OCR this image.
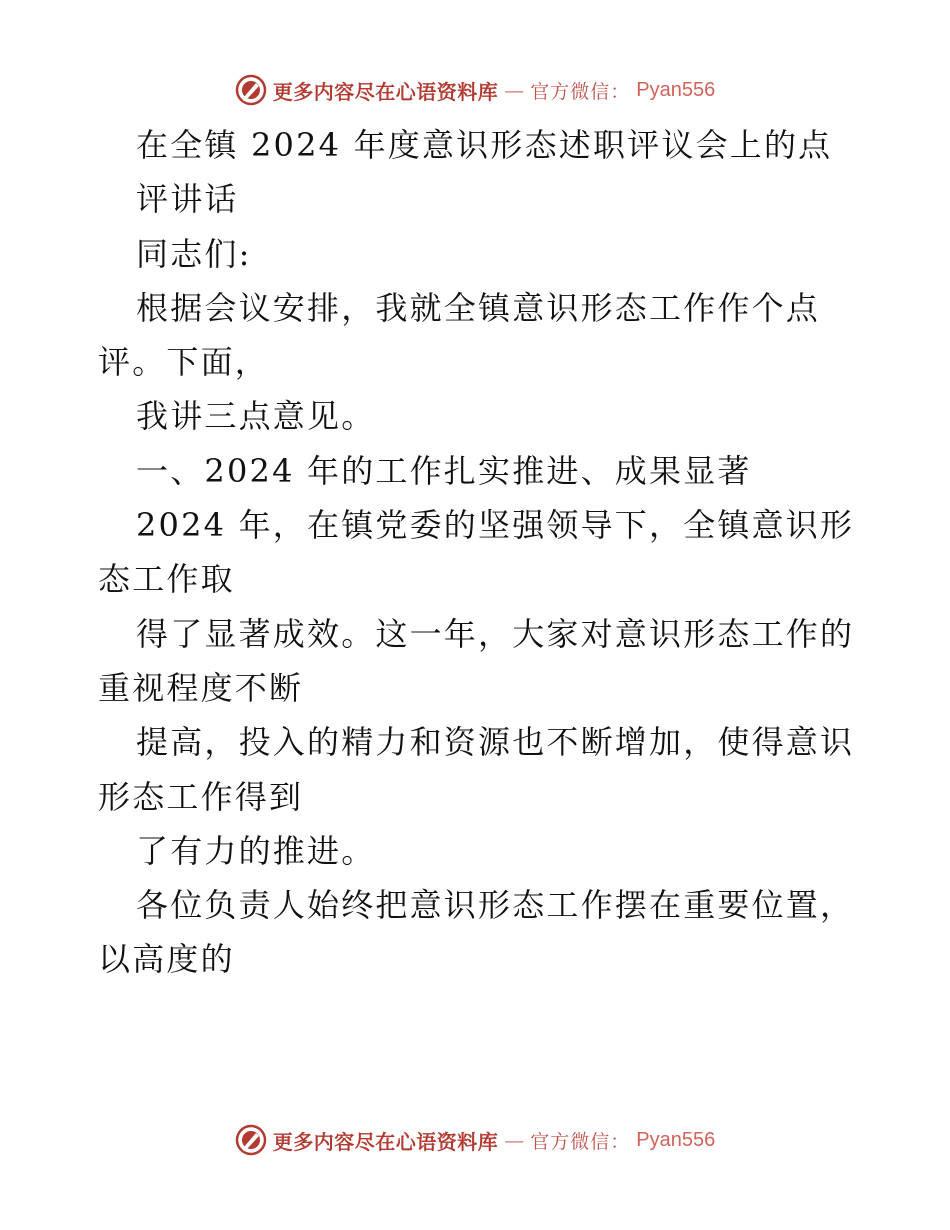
更多内容尽在心语资料库 — 官方微信： Pyan556
在全镇 2024 年度意识形态述职评议会上的点
评讲话
同志们:
根据会议安排，我就全镇意识形态工作作个点
评。下面，
我讲三点意见。
一、2024 年的工作扎实推进、成果显著
2024 年，在镇党委的坚强领导下，全镇意识形
态工作取
得了显著成效。这一年，大家对意识形态工作的
重视程度不断
提高，投入的精力和资源也不断增加，使得意识
形态工作得到
了有力的推进。
各位负责人始终把意识形态工作摆在重要位置，
以高度的
更多内容尽在心语资料库 — 官方微信： Pyan556
